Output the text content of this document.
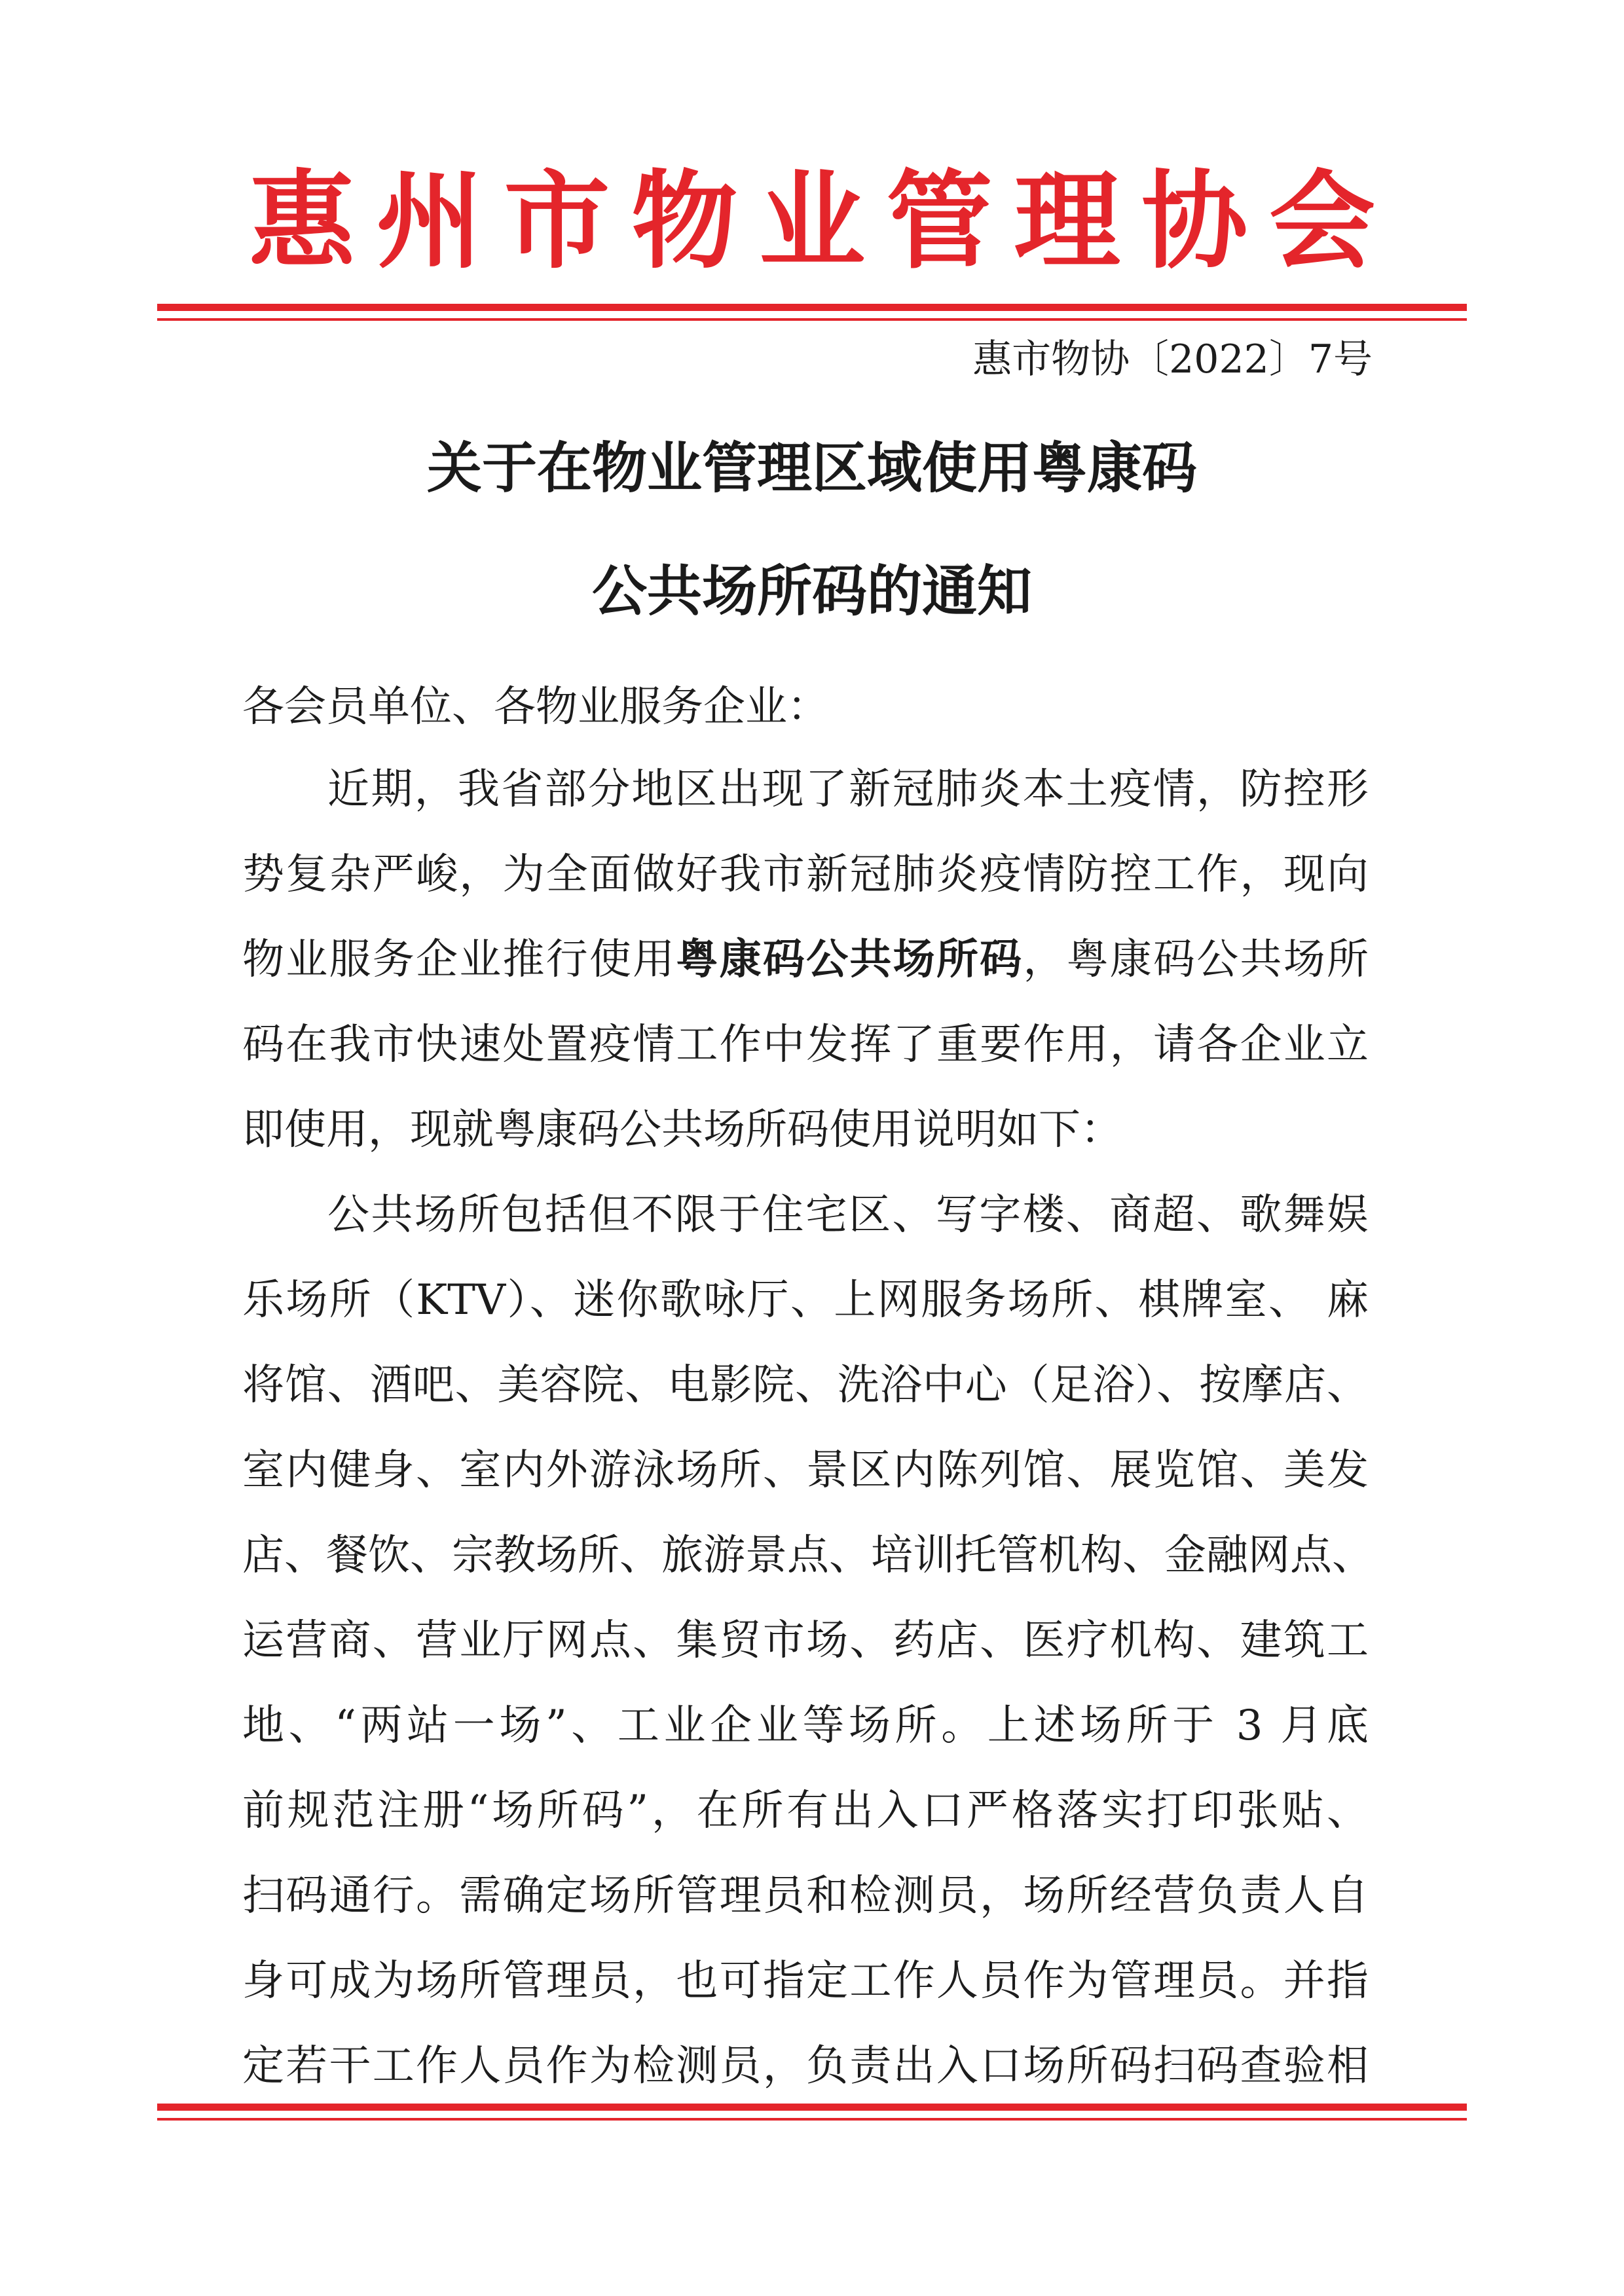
惠州市物业管理协会
惠市物协〔2022〕7号
关于在物业管理区域使用粤康码
公共场所码的通知
各会员单位、各物业服务企业：
近期，我省部分地区出现了新冠肺炎本土疫情，防控形
势复杂严峻，为全面做好我市新冠肺炎疫情防控工作，现向
物业服务企业推行使用粤康码公共场所码，粤康码公共场所
码在我市快速处置疫情工作中发挥了重要作用，请各企业立
即使用，现就粤康码公共场所码使用说明如下：
公共场所包括但不限于住宅区、写字楼、商超、歌舞娱
乐场所（KTV）、迷你歌咏厅、上网服务场所、棋牌室、 麻
将馆、酒吧、美容院、电影院、洗浴中心（足浴）、按摩店、
室内健身、室内外游泳场所、景区内陈列馆、展览馆、美发
店、餐饮、宗教场所、旅游景点、培训托管机构、金融网点、
运营商、营业厅网点、集贸市场、药店、医疗机构、建筑工
地、“两站一场”、工业企业等场所。上述场所于 3 月底
前规范注册“场所码”，在所有出入口严格落实打印张贴、
扫码通行。需确定场所管理员和检测员，场所经营负责人自
身可成为场所管理员，也可指定工作人员作为管理员。并指
定若干工作人员作为检测员，负责出入口场所码扫码查验相
